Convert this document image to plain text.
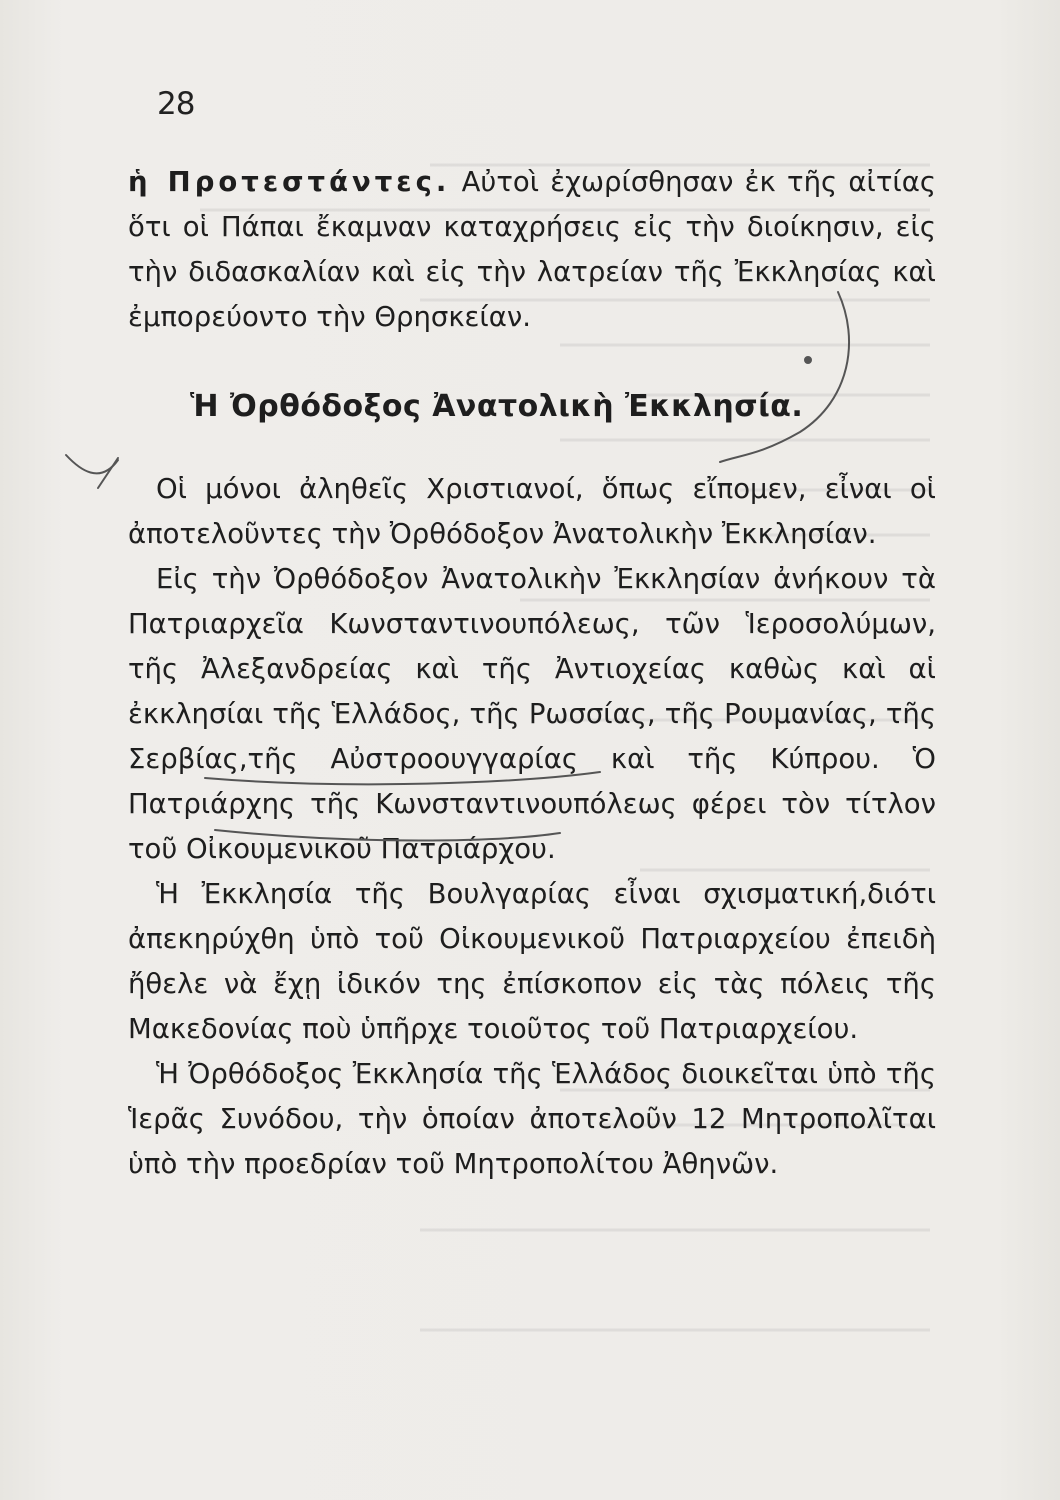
28

ἡ Προτεστάντες. Αὐτοὶ ἐχωρίσθησαν ἐκ τῆς αἰτίας ὅτι οἱ Πάπαι ἔκαμναν καταχρήσεις εἰς τὴν διοίκησιν, εἰς τὴν διδασκαλίαν καὶ εἰς τὴν λατρείαν τῆς Ἐκκλησίας καὶ ἐμπορεύοντο τὴν Θρησκείαν.

Ἡ Ὀρθόδοξος Ἀνατολικὴ Ἐκκλησία.

Οἱ μόνοι ἀληθεῖς Χριστιανοί, ὅπως εἴπομεν, εἶναι οἱ ἀποτελοῦντες τὴν Ὀρθόδοξον Ἀνατολικὴν Ἐκκλησίαν.

Εἰς τὴν Ὀρθόδοξον Ἀνατολικὴν Ἐκκλησίαν ἀνήκουν τὰ Πατριαρχεῖα Κωνσταντινουπόλεως, τῶν Ἱεροσολύμων, τῆς Ἀλεξανδρείας καὶ τῆς Ἀντιοχείας καθὼς καὶ αἱ ἐκκλησίαι τῆς Ἑλλάδος, τῆς Ρωσσίας, τῆς Ρουμανίας, τῆς Σερβίας,τῆς Αὐστροουγγαρίας καὶ τῆς Κύπρου. Ὁ Πατριάρχης τῆς Κωνσταντινουπόλεως φέρει τὸν τίτλον τοῦ Οἰκουμενικοῦ Πατριάρχου.

Ἡ Ἐκκλησία τῆς Βουλγαρίας εἶναι σχισματική,διότι ἀπεκηρύχθη ὑπὸ τοῦ Οἰκουμενικοῦ Πατριαρχείου ἐπειδὴ ἤθελε νὰ ἔχῃ ἰδικόν της ἐπίσκοπον εἰς τὰς πόλεις τῆς Μακεδονίας ποὺ ὑπῆρχε τοιοῦτος τοῦ Πατριαρχείου.

Ἡ Ὀρθόδοξος Ἐκκλησία τῆς Ἑλλάδος διοικεῖται ὑπὸ τῆς Ἱερᾶς Συνόδου, τὴν ὁποίαν ἀποτελοῦν 12 Μητροπολῖται ὑπὸ τὴν προεδρίαν τοῦ Μητροπολίτου Ἀθηνῶν.
